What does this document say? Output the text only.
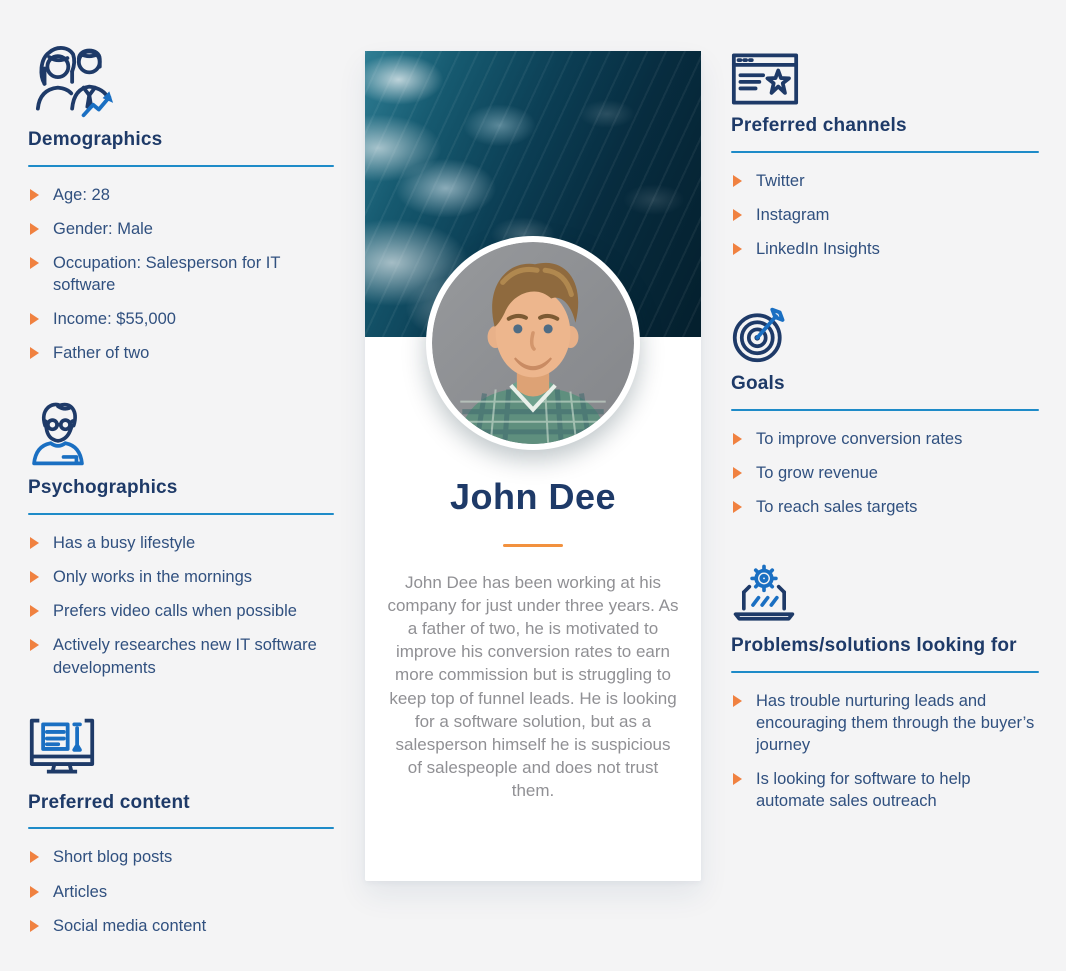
Demographics
Age: 28
Gender: Male
Occupation: Salesperson for IT software
Income: $55,000
Father of two
Psychographics
Has a busy lifestyle
Only works in the mornings
Prefers video calls when possible
Actively researches new IT software developments
Preferred content
Short blog posts
Articles
Social media content
John Dee

John Dee has been working at his company for just under three years. As a father of two, he is motivated to improve his conversion rates to earn more commission but is struggling to keep top of funnel leads. He is looking for a software solution, but as a salesperson himself he is suspicious of salespeople and does not trust them.

Preferred channels
Twitter
Instagram
LinkedIn Insights
Goals
To improve conversion rates
To grow revenue
To reach sales targets
Problems/solutions looking for
Has trouble nurturing leads and encouraging them through the buyer’s journey
Is looking for software to help automate sales outreach
